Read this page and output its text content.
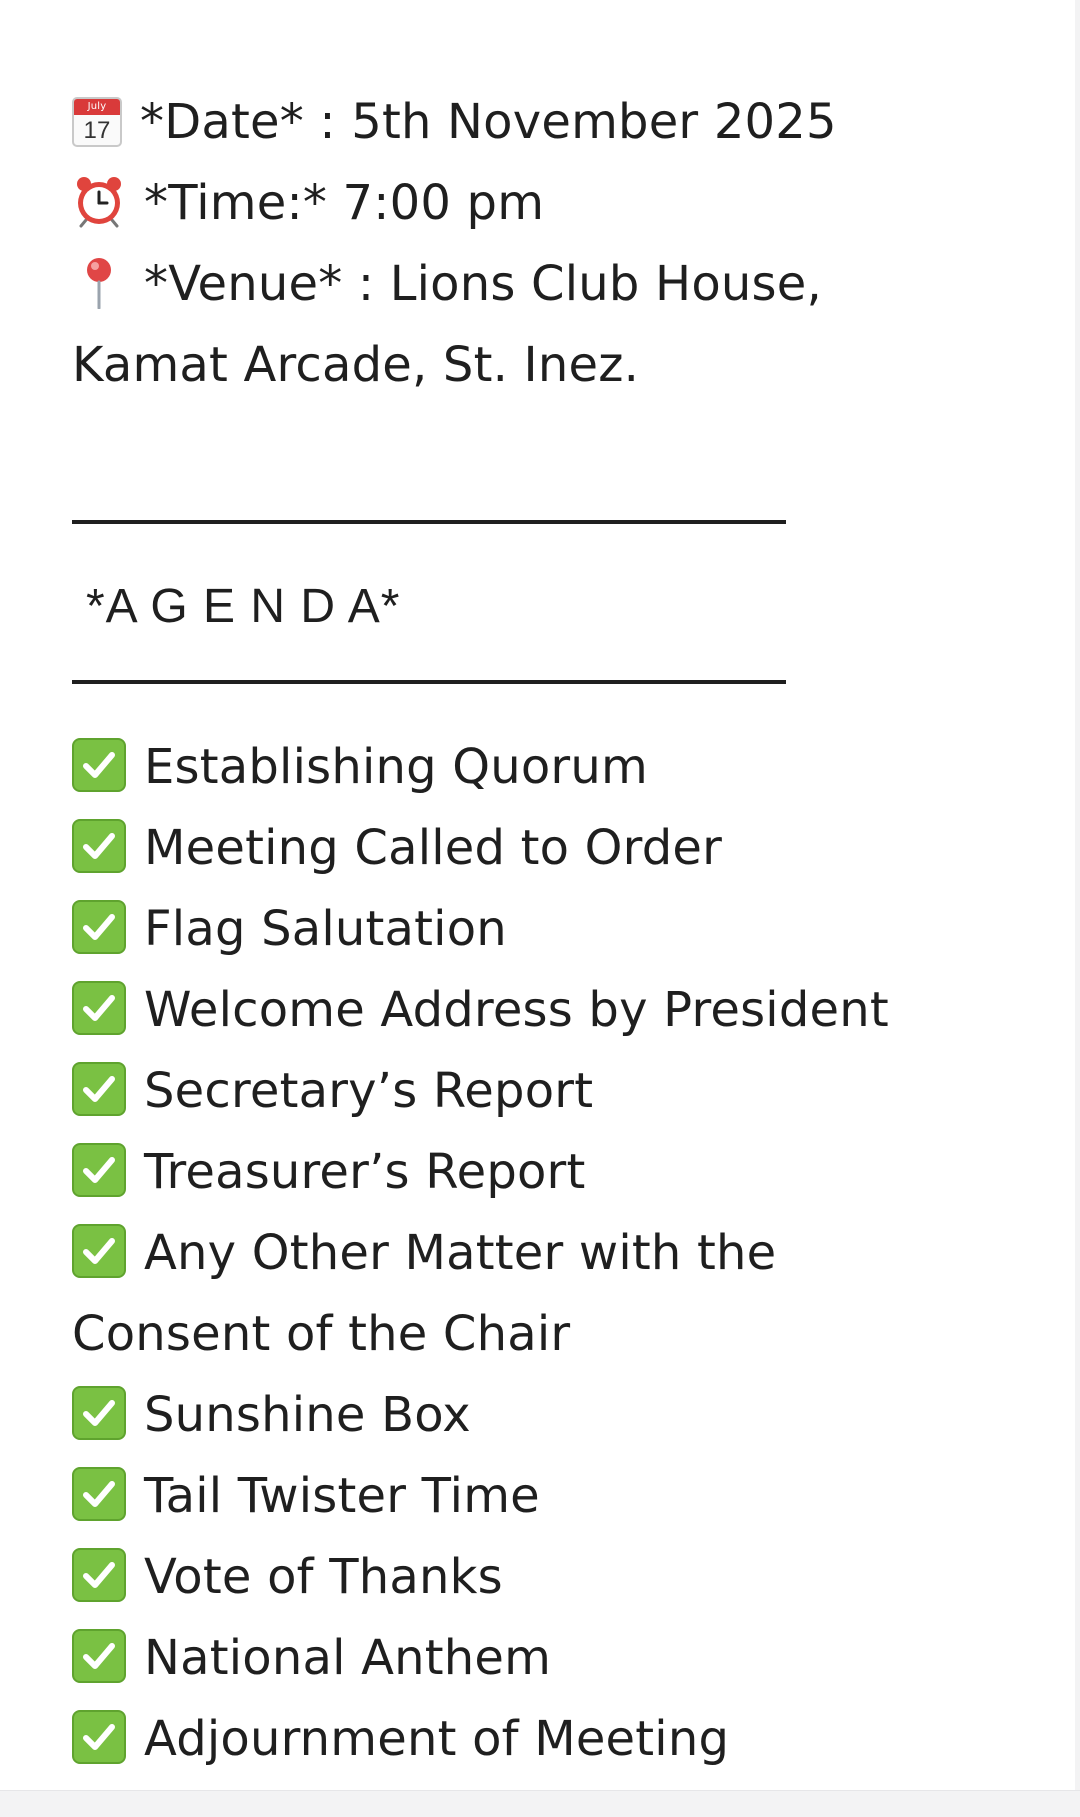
July
17 *Date* : 5th November 2025
*Time:* 7:00 pm
*Venue* : Lions Club House, Kamat Arcade, St. Inez.
*A G E N D A*
Establishing Quorum
Meeting Called to Order
Flag Salutation
Welcome Address by President
Secretary’s Report
Treasurer’s Report
Any Other Matter with the Consent of the Chair
Sunshine Box
Tail Twister Time
Vote of Thanks
National Anthem
Adjournment of Meeting
